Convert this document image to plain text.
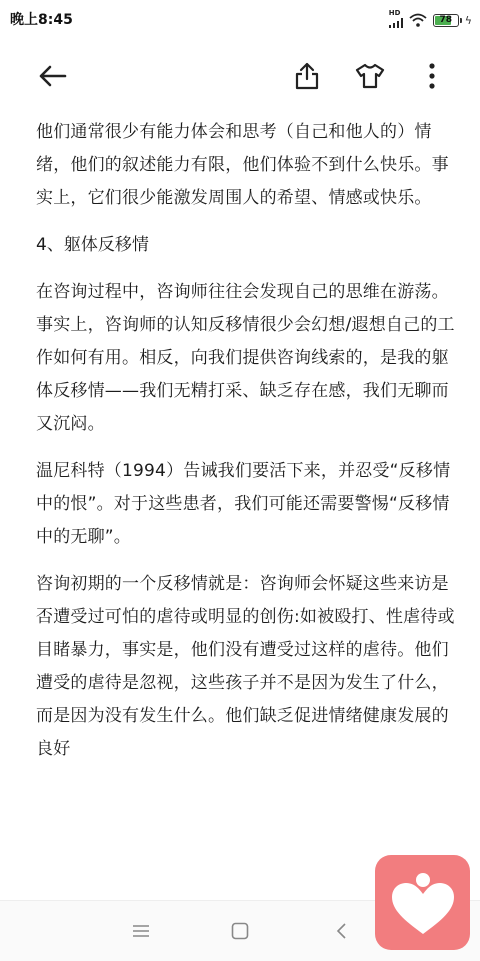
晚上8:45	HD
78 ϟ

他们通常很少有能力体会和思考（自己和他人的）情绪，他们的叙述能力有限，他们体验不到什么快乐。事实上，它们很少能激发周围人的希望、情感或快乐。

4、躯体反移情

在咨询过程中，咨询师往往会发现自己的思维在游荡。事实上，咨询师的认知反移情很少会幻想/遐想自己的工作如何有用。相反，向我们提供咨询线索的，是我的躯体反移情——我们无精打采、缺乏存在感，我们无聊而又沉闷。

温尼科特（1994）告诫我们要活下来，并忍受“反移情中的恨”。对于这些患者，我们可能还需要警惕“反移情中的无聊”。

咨询初期的一个反移情就是：咨询师会怀疑这些来访是否遭受过可怕的虐待或明显的创伤:如被殴打、性虐待或目睹暴力，事实是，他们没有遭受过这样的虐待。他们遭受的虐待是忽视，这些孩子并不是因为发生了什么，而是因为没有发生什么。他们缺乏促进情绪健康发展的良好
